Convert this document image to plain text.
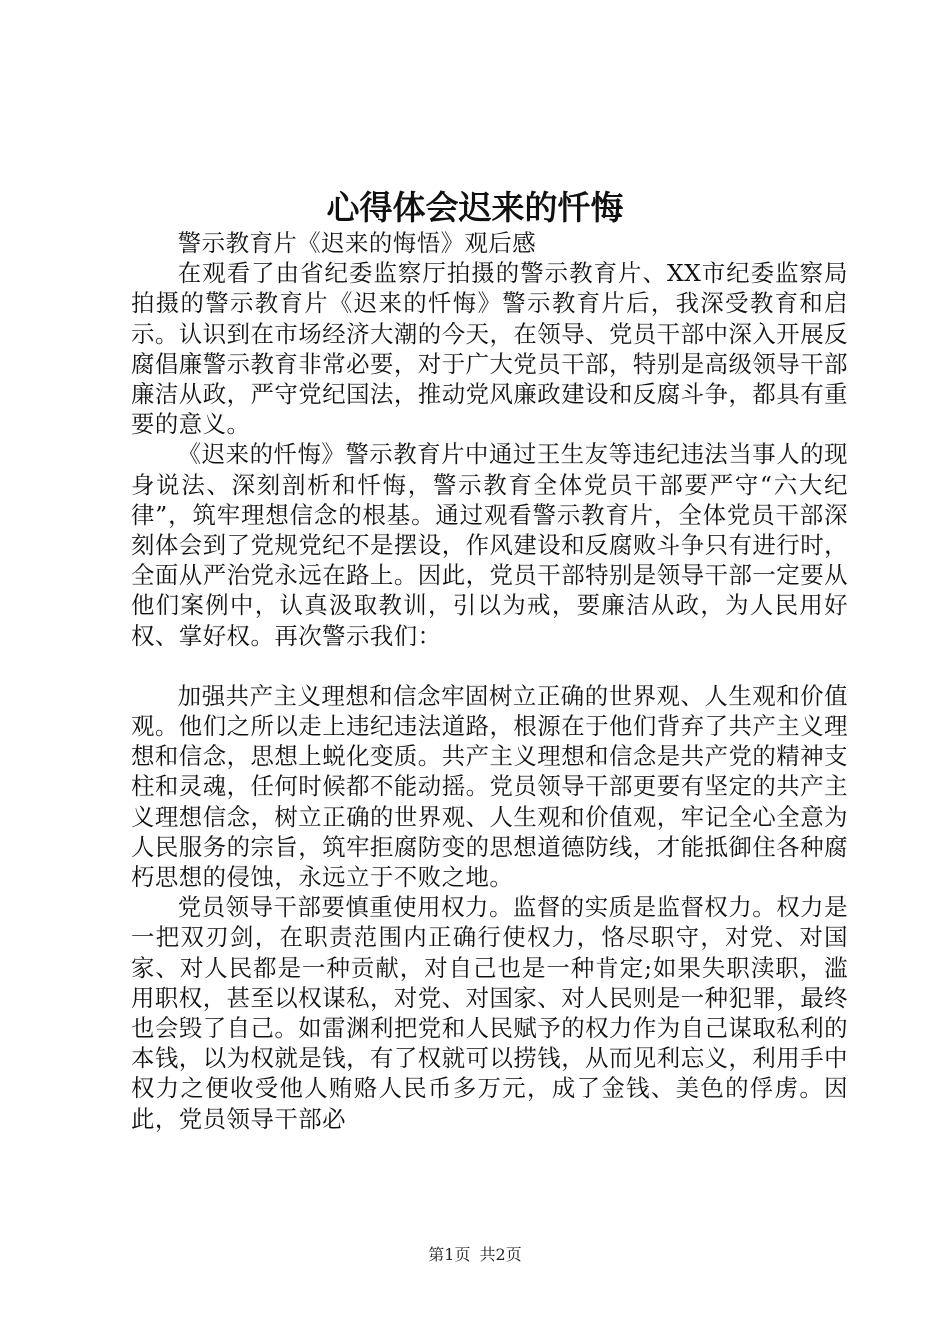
心得体会迟来的忏悔

警示教育片《迟来的悔悟》观后感

在观看了由省纪委监察厅拍摄的警示教育片、XX市纪委监察局拍摄的警示教育片《迟来的忏悔》警示教育片后，我深受教育和启示。认识到在市场经济大潮的今天，在领导、党员干部中深入开展反腐倡廉警示教育非常必要，对于广大党员干部，特别是高级领导干部廉洁从政，严守党纪国法，推动党风廉政建设和反腐斗争，都具有重要的意义。

《迟来的忏悔》警示教育片中通过王生友等违纪违法当事人的现身说法、深刻剖析和忏悔，警示教育全体党员干部要严守“六大纪律”，筑牢理想信念的根基。通过观看警示教育片，全体党员干部深刻体会到了党规党纪不是摆设，作风建设和反腐败斗争只有进行时，全面从严治党永远在路上。因此，党员干部特别是领导干部一定要从他们案例中，认真汲取教训，引以为戒，要廉洁从政，为人民用好权、掌好权。再次警示我们：

加强共产主义理想和信念牢固树立正确的世界观、人生观和价值观。他们之所以走上违纪违法道路，根源在于他们背弃了共产主义理想和信念，思想上蜕化变质。共产主义理想和信念是共产党的精神支柱和灵魂，任何时候都不能动摇。党员领导干部更要有坚定的共产主义理想信念，树立正确的世界观、人生观和价值观，牢记全心全意为人民服务的宗旨，筑牢拒腐防变的思想道德防线，才能抵御住各种腐朽思想的侵蚀，永远立于不败之地。

党员领导干部要慎重使用权力。监督的实质是监督权力。权力是一把双刃剑，在职责范围内正确行使权力，恪尽职守，对党、对国家、对人民都是一种贡献，对自己也是一种肯定;如果失职渎职，滥用职权，甚至以权谋私，对党、对国家、对人民则是一种犯罪，最终也会毁了自己。如雷渊利把党和人民赋予的权力作为自己谋取私利的本钱，以为权就是钱，有了权就可以捞钱，从而见利忘义，利用手中权力之便收受他人贿赂人民币多万元，成了金钱、美色的俘虏。因此，党员领导干部必

第1页 共2页
